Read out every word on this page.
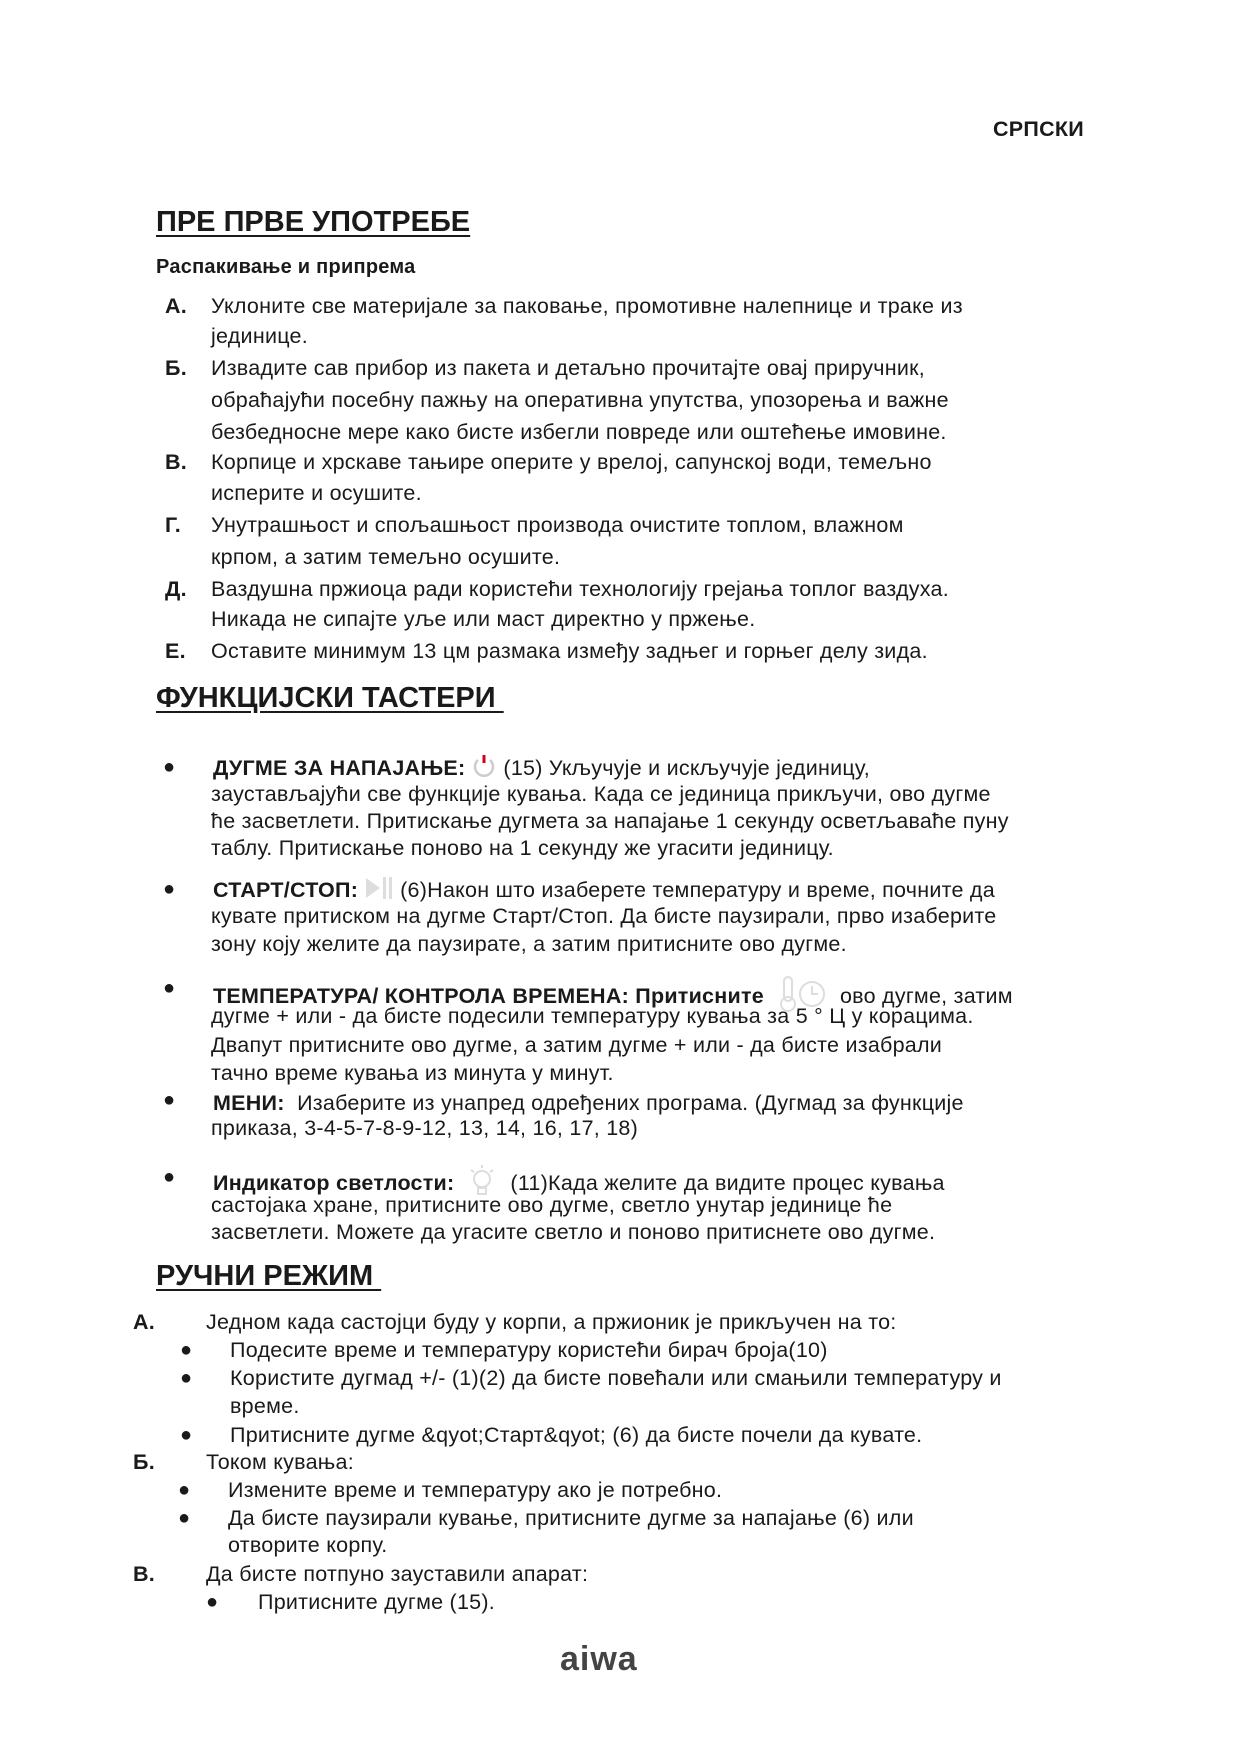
СРПСКИ
ПРЕ ПРВЕ УПОТРЕБЕ
Распакивање и припрема
А. Уклоните све материјале за паковање, промотивне налепнице и траке из
јединице.
Б. Извадите сав прибор из пакета и детаљно прочитајте овај приручник,
обраћајући посебну пажњу на оперативна упутства, упозорења и важне
безбедносне мере како бисте избегли повреде или оштећење имовине.
В. Корпице и хрскаве тањире оперите у врелој, сапунској води, темељно
исперите и осушите.
Г. Унутрашњост и спољашњост производа очистите топлом, влажном
крпом, а затим темељно осушите.
Д. Ваздушна пржиоца ради користећи технологију грејања топлог ваздуха.
Никада не сипајте уље или маст директно у пржење.
Е. Оставите минимум 13 цм размака између задњег и горњег делу зида.
ФУНКЦИЈСКИ ТАСТЕРИ
● ДУГМЕ ЗА НАПАЈАЊЕ: (15) Укључује и искључује јединицу,
заустављајући све функције кувања. Када се јединица прикључи, ово дугме
ће засветлети. Притискање дугмета за напајање 1 секунду осветљаваће пуну
таблу. Притискање поново на 1 секунду же угасити јединицу.
● СТАРТ/СТОП: (6)Након што изаберете температуру и време, почните да
кувате притиском на дугме Старт/Стоп. Да бисте паузирали, прво изаберите
зону коју желите да паузирате, а затим притисните ово дугме.
● ТЕМПЕРАТУРА/ КОНТРОЛА ВРЕМЕНА: Притисните	ово дугме, затим
дугме + или - да бисте подесили температуру кувања за 5 ° Ц у корацима.
Двапут притисните ово дугме, а затим дугме + или - да бисте изабрали
тачно време кувања из минута у минут.
● МЕНИ: Изаберите из унапред одређених програма. (Дугмад за функције
приказа, 3-4-5-7-8-9-12, 13, 14, 16, 17, 18)
● Индикатор светлости:	(11)Када желите да видите процес кувања
састојака хране, притисните ово дугме, светло унутар јединице ће
засветлети. Можете да угасите светло и поново притиснете ово дугме.
РУЧНИ РЕЖИМ
А. Једном када састојци буду у корпи, а пржионик је прикључен на то:
● Подесите време и температуру користећи бирач броја(10)
● Користите дугмад +/- (1)(2) да бисте повећали или смањили температуру и
време.
● Притисните дугме &qyot;Старт&qyot; (6) да бисте почели да кувате.
Б. Током кувања:
● Измените време и температуру ако је потребно.
● Да бисте паузирали кување, притисните дугме за напајање (6) или
отворите корпу.
В. Да бисте потпуно зауставили апарат:
● Притисните дугме (15).
aiwa
